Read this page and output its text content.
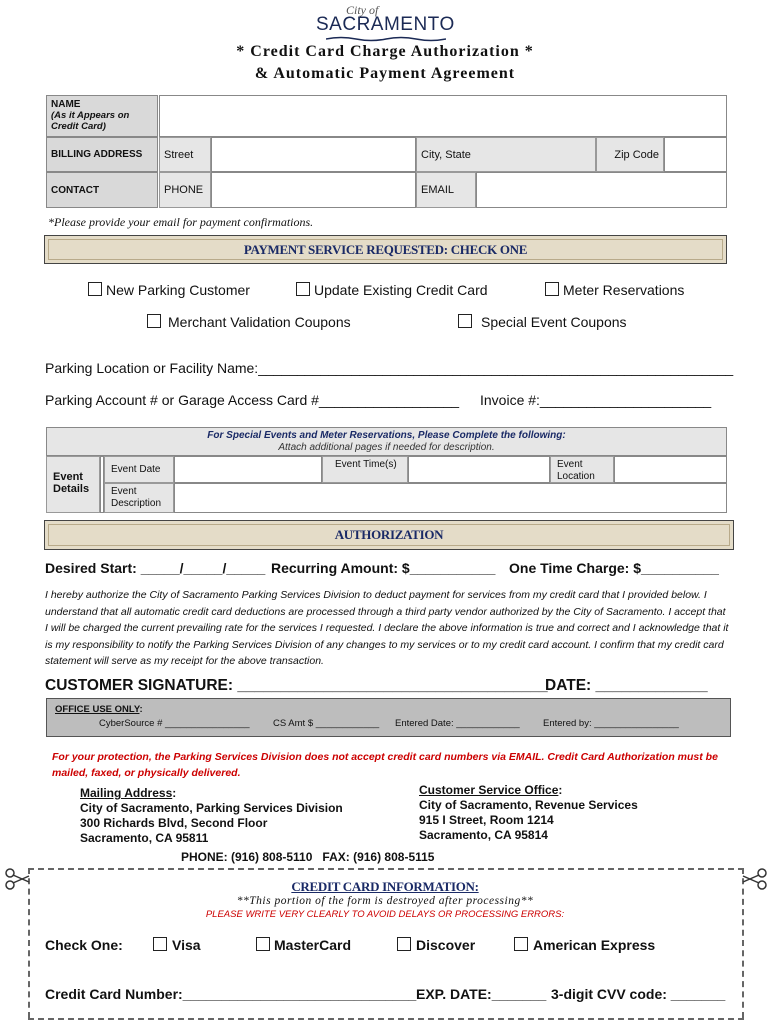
City of
SACRAMENTO
* Credit Card Charge Authorization *
& Automatic Payment Agreement
NAME
(As it Appears on Credit Card)
BILLING ADDRESS	Street	City, State	Zip Code
CONTACT	PHONE	EMAIL
*Please provide your email for payment confirmations.
PAYMENT SERVICE REQUESTED: CHECK ONE
New Parking Customer	Update Existing Credit Card	Meter Reservations
Merchant Validation Coupons	Special Event Coupons
Parking Location or Facility Name:_____________________________________________________________
Parking Account # or Garage Access Card #__________________ Invoice #:______________________
For Special Events and Meter Reservations, Please Complete the following:
Attach additional pages if needed for description.
Event Details
Event Date	Event Time(s)	Event Location
Event Description
AUTHORIZATION
Desired Start: _____/_____/_____ Recurring Amount: $___________ One Time Charge: $__________
I hereby authorize the City of Sacramento Parking Services Division to deduct payment for services from my credit card that I provided below. I understand that all automatic credit card deductions are processed through a third party vendor authorized by the City of Sacramento. I accept that I will be charged the current prevailing rate for the services I requested. I declare the above information is true and correct and I acknowledge that it is my responsibility to notify the Parking Services Division of any changes to my services or to my credit card account. I confirm that my credit card statement will serve as my receipt for the above transaction.
CUSTOMER SIGNATURE: ____________________________________
DATE: _____________
OFFICE USE ONLY:
CyberSource # ________________ CS Amt $ ____________ Entered Date: ____________ Entered by: ________________
For your protection, the Parking Services Division does not accept credit card numbers via EMAIL. Credit Card Authorization must be mailed, faxed, or physically delivered.
Mailing Address:
City of Sacramento, Parking Services Division
300 Richards Blvd, Second Floor
Sacramento, CA 95811
Customer Service Office:
City of Sacramento, Revenue Services
915 I Street, Room 1214
Sacramento, CA 95814
PHONE: (916) 808-5110   FAX: (916) 808-5115
CREDIT CARD INFORMATION:
**This portion of the form is destroyed after processing**
PLEASE WRITE VERY CLEARLY TO AVOID DELAYS OR PROCESSING ERRORS:
Check One:	Visa	MasterCard	Discover	American Express
Credit Card Number:______________________________ EXP. DATE:_______ 3-digit CVV code: _______
